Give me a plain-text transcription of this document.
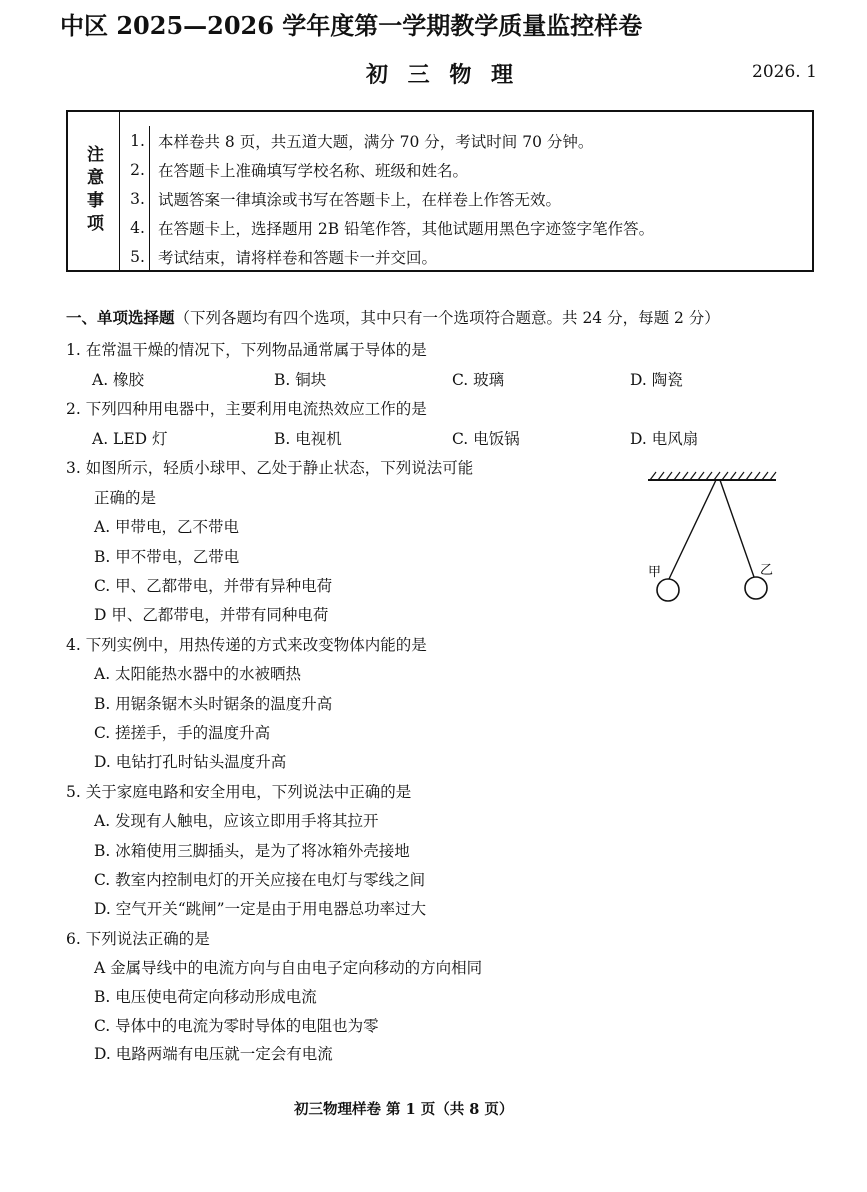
中区 2025—2026 学年度第一学期教学质量监控样卷
初 三 物 理	2026. 1
注意事项
1. 本样卷共 8 页，共五道大题，满分 70 分，考试时间 70 分钟。
2. 在答题卡上准确填写学校名称、班级和姓名。
3. 试题答案一律填涂或书写在答题卡上，在样卷上作答无效。
4. 在答题卡上，选择题用 2B 铅笔作答，其他试题用黑色字迹签字笔作答。
5. 考试结束，请将样卷和答题卡一并交回。
一、单项选择题（下列各题均有四个选项，其中只有一个选项符合题意。共 24 分，每题 2 分）
1. 在常温干燥的情况下，下列物品通常属于导体的是
A. 橡胶	B. 铜块	C. 玻璃	D. 陶瓷
2. 下列四种用电器中，主要利用电流热效应工作的是
A. LED 灯	B. 电视机	C. 电饭锅	D. 电风扇
3. 如图所示，轻质小球甲、乙处于静止状态，下列说法可能
正确的是
A. 甲带电，乙不带电
B. 甲不带电，乙带电
C. 甲、乙都带电，并带有异种电荷
D 甲、乙都带电，并带有同种电荷
甲	乙
4. 下列实例中，用热传递的方式来改变物体内能的是
A. 太阳能热水器中的水被晒热
B. 用锯条锯木头时锯条的温度升高
C. 搓搓手，手的温度升高
D. 电钻打孔时钻头温度升高
5. 关于家庭电路和安全用电，下列说法中正确的是
A. 发现有人触电，应该立即用手将其拉开
B. 冰箱使用三脚插头，是为了将冰箱外壳接地
C. 教室内控制电灯的开关应接在电灯与零线之间
D. 空气开关“跳闸”一定是由于用电器总功率过大
6. 下列说法正确的是
A 金属导线中的电流方向与自由电子定向移动的方向相同
B. 电压使电荷定向移动形成电流
C. 导体中的电流为零时导体的电阻也为零
D. 电路两端有电压就一定会有电流
初三物理样卷 第 1 页（共 8 页）
